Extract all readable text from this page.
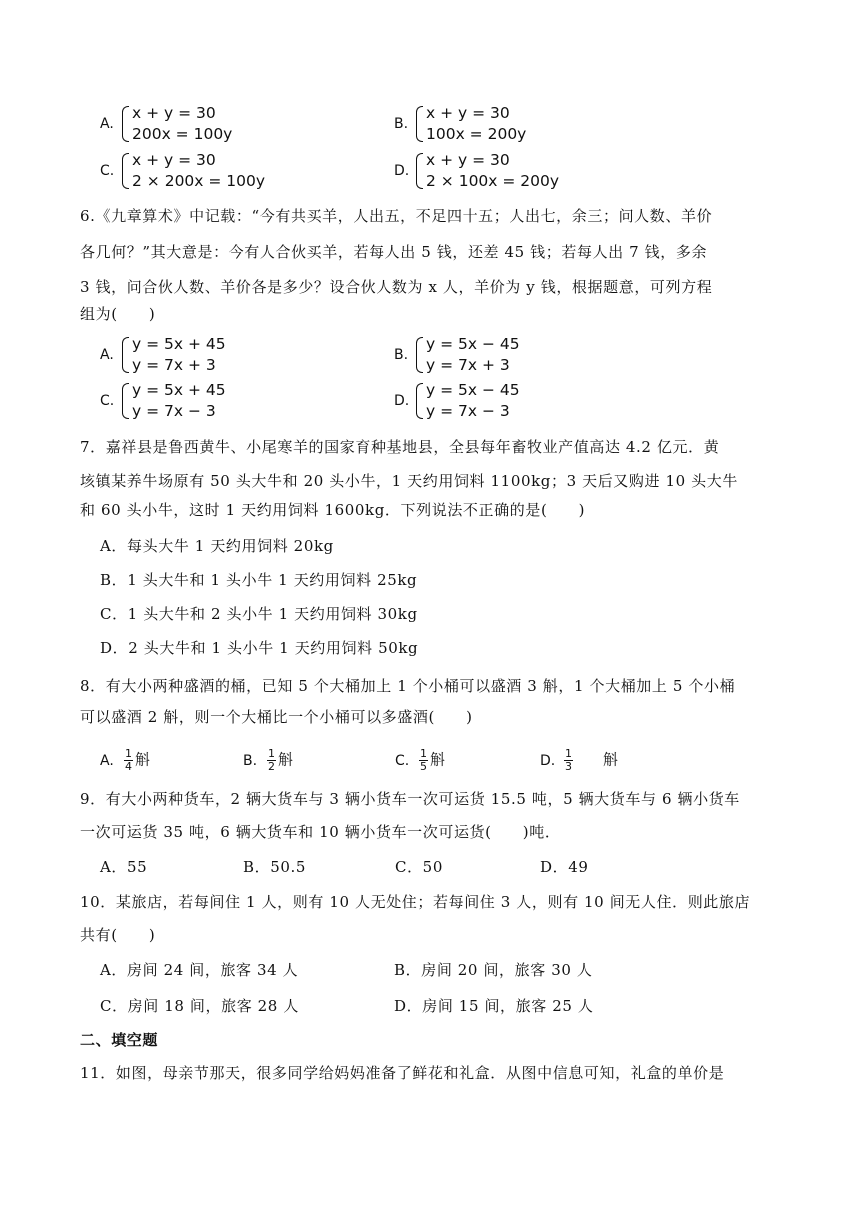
A.
x + y = 30
200x = 100y
B.
x + y = 30
100x = 200y
C.
x + y = 30
2 × 200x = 100y
D.
x + y = 30
2 × 100x = 200y
6.《九章算术》中记载：“今有共买羊，人出五，不足四十五；人出七，余三；问人数、羊价
各几何？”其大意是：今有人合伙买羊，若每人出 5 钱，还差 45 钱；若每人出 7 钱，多余
3 钱，问合伙人数、羊价各是多少？设合伙人数为 x 人，羊价为 y 钱，根据题意，可列方程
组为(　　)
A.
y = 5x + 45
y = 7x + 3
B.
y = 5x − 45
y = 7x + 3
C.
y = 5x + 45
y = 7x − 3
D.
y = 5x − 45
y = 7x − 3
7．嘉祥县是鲁西黄牛、小尾寒羊的国家育种基地县，全县每年畜牧业产值高达 4.2 亿元．黄
垓镇某养牛场原有 50 头大牛和 20 头小牛，1 天约用饲料 1100kg；3 天后又购进 10 头大牛
和 60 头小牛，这时 1 天约用饲料 1600kg．下列说法不正确的是(　　)
A．每头大牛 1 天约用饲料 20kg
B．1 头大牛和 1 头小牛 1 天约用饲料 25kg
C．1 头大牛和 2 头小牛 1 天约用饲料 30kg
D．2 头大牛和 1 头小牛 1 天约用饲料 50kg
8．有大小两种盛酒的桶，已知 5 个大桶加上 1 个小桶可以盛酒 3 斛，1 个大桶加上 5 个小桶
可以盛酒 2 斛，则一个大桶比一个小桶可以多盛酒(　　)
A. $\frac{1}{4}$ 斛	B. $\frac{1}{2}$ 斛	C. $\frac{1}{5}$ 斛	D. $\frac{1}{3}$ 斛
9．有大小两种货车，2 辆大货车与 3 辆小货车一次可运货 15.5 吨，5 辆大货车与 6 辆小货车
一次可运货 35 吨，6 辆大货车和 10 辆小货车一次可运货(　　)吨．
A．55	B．50.5	C．50	D．49
10．某旅店，若每间住 1 人，则有 10 人无处住；若每间住 3 人，则有 10 间无人住．则此旅店
共有(　　)
A．房间 24 间，旅客 34 人	B．房间 20 间，旅客 30 人
C．房间 18 间，旅客 28 人	D．房间 15 间，旅客 25 人
二、填空题
11．如图，母亲节那天，很多同学给妈妈准备了鲜花和礼盒．从图中信息可知，礼盒的单价是
